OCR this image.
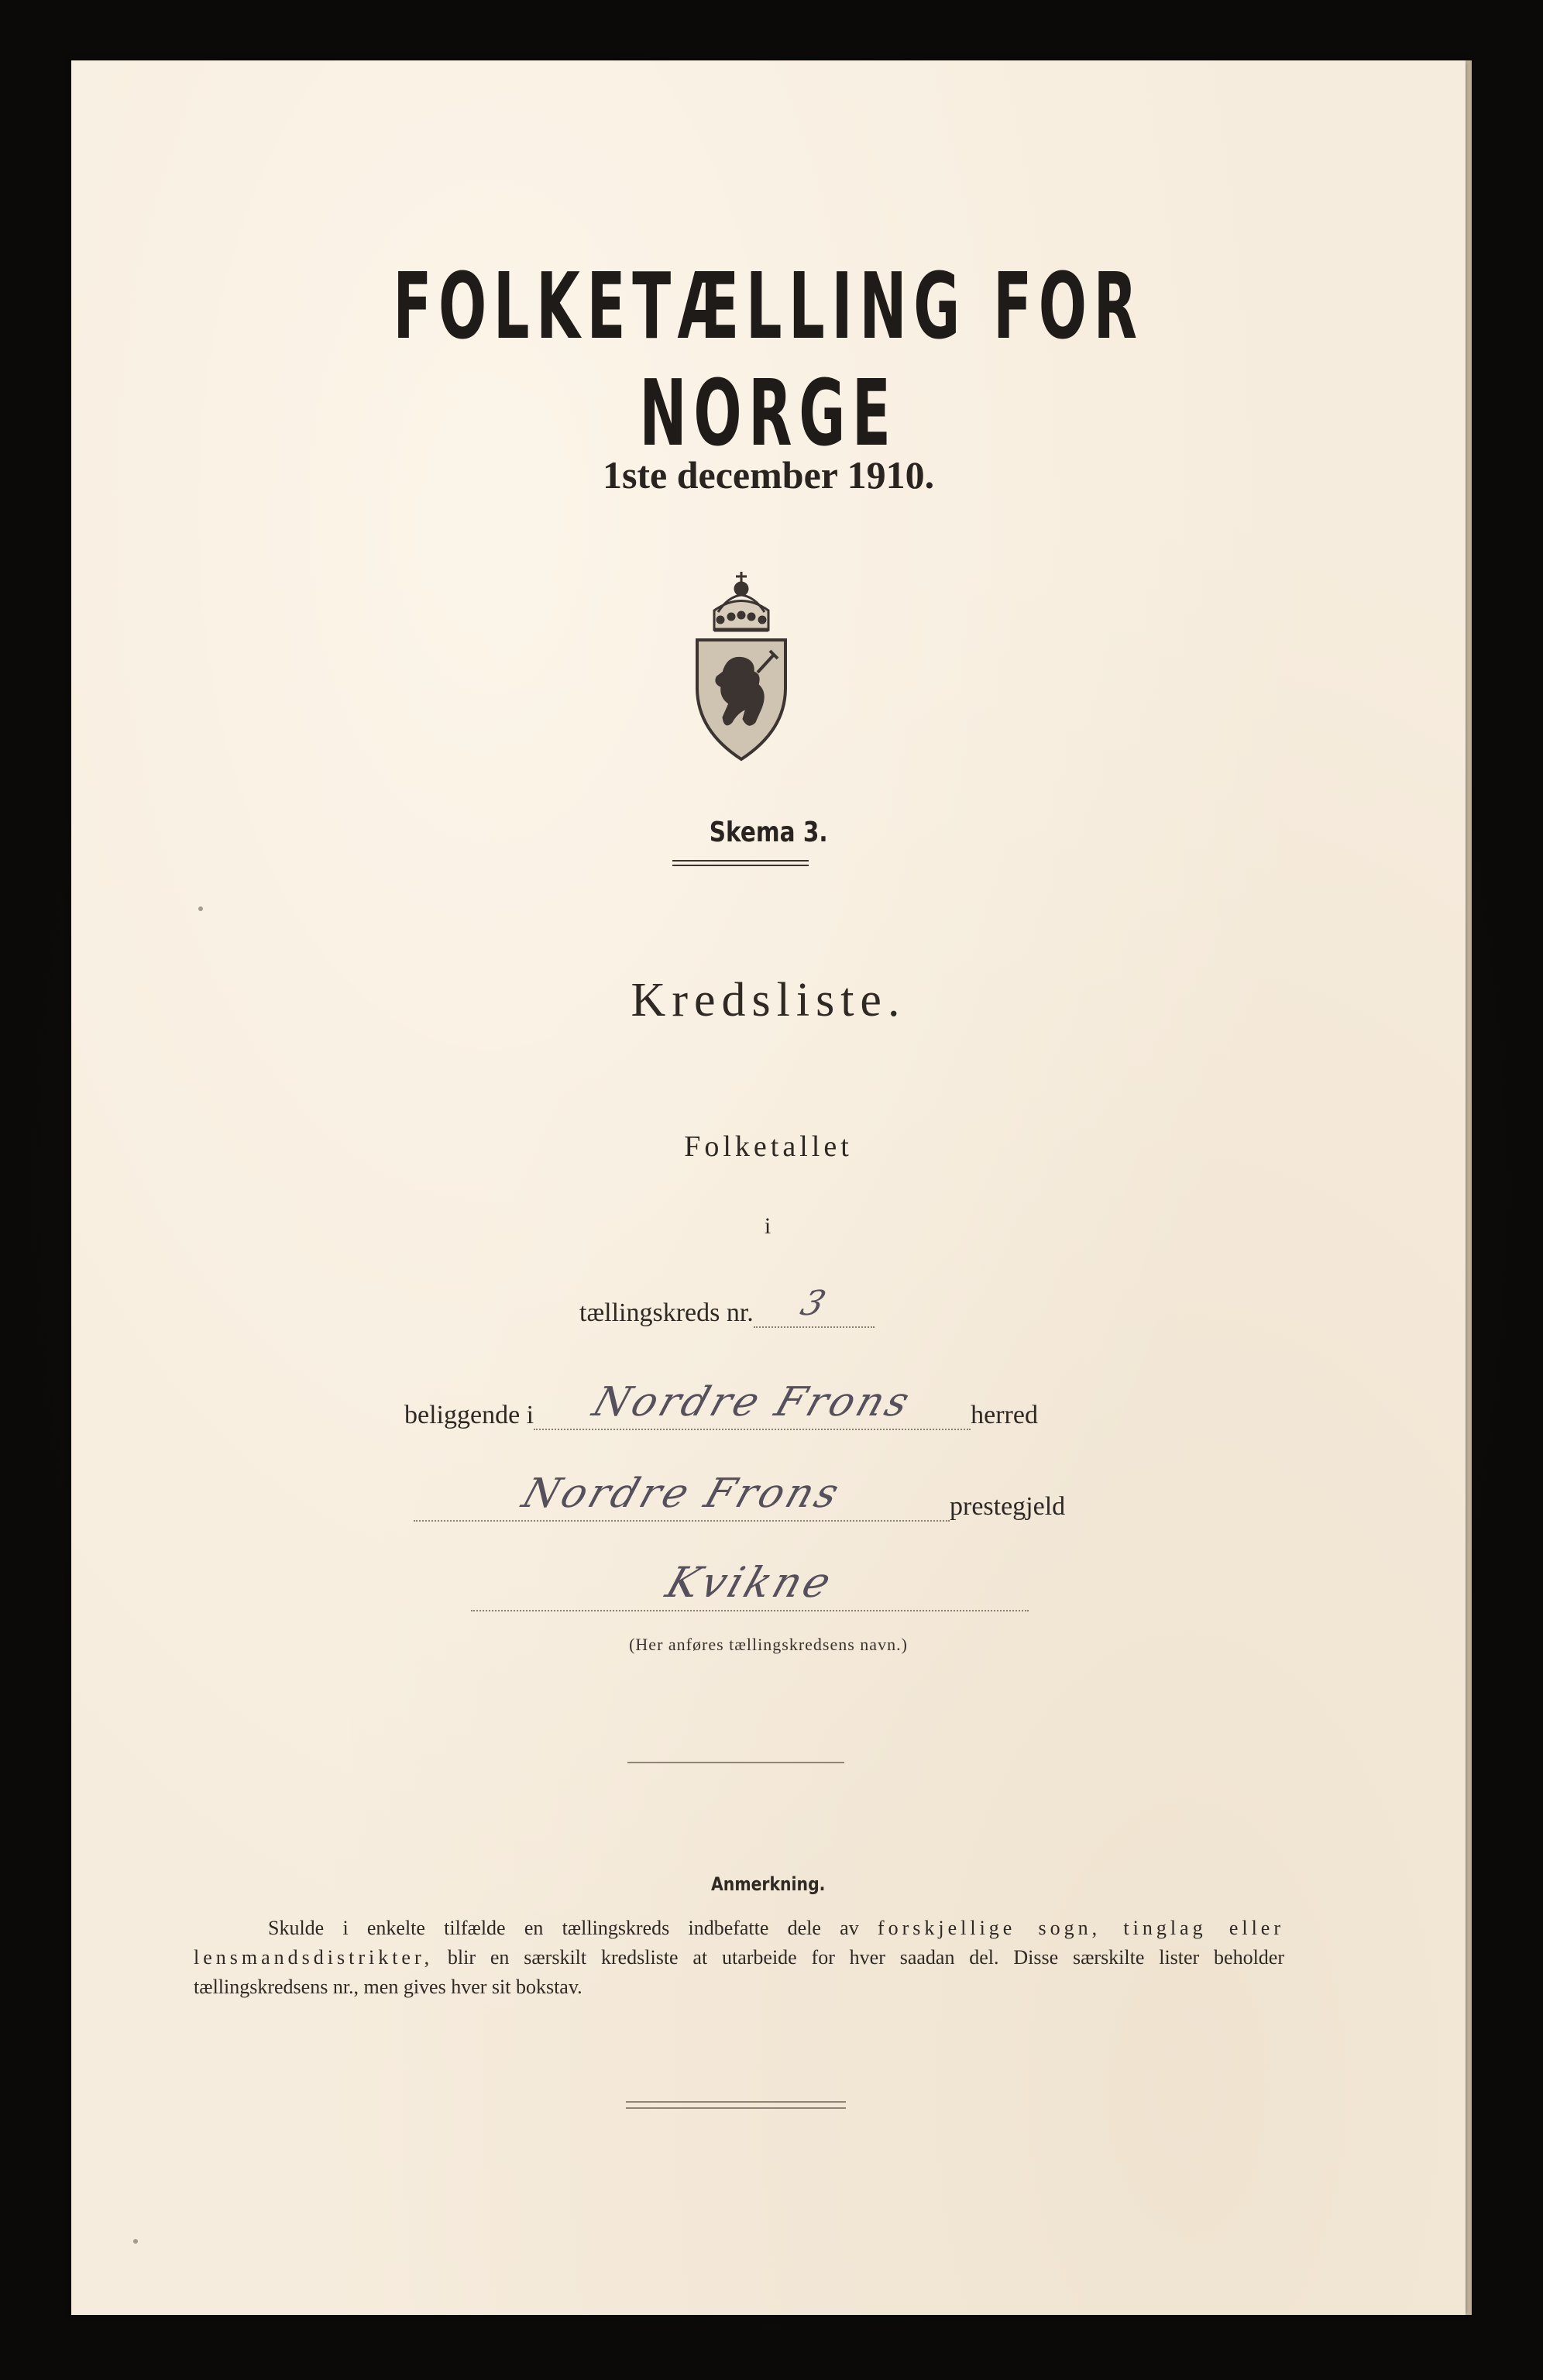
FOLKETÆLLING FOR NORGE
1ste december 1910.
Skema 3.
Kredsliste.
Folketallet
i
tællingskreds nr. 3
beliggende i Nordre Frons herred
Nordre Frons	prestegjeld
Kvikne
(Her anføres tællingskredsens navn.)
Anmerkning.
Skulde i enkelte tilfælde en tællingskreds indbefatte dele av forskjellige sogn, tinglag eller lensmandsdistrikter, blir en særskilt kredsliste at utarbeide for hver saadan del. Disse særskilte lister beholder tællingskredsens nr., men gives hver sit bokstav.
